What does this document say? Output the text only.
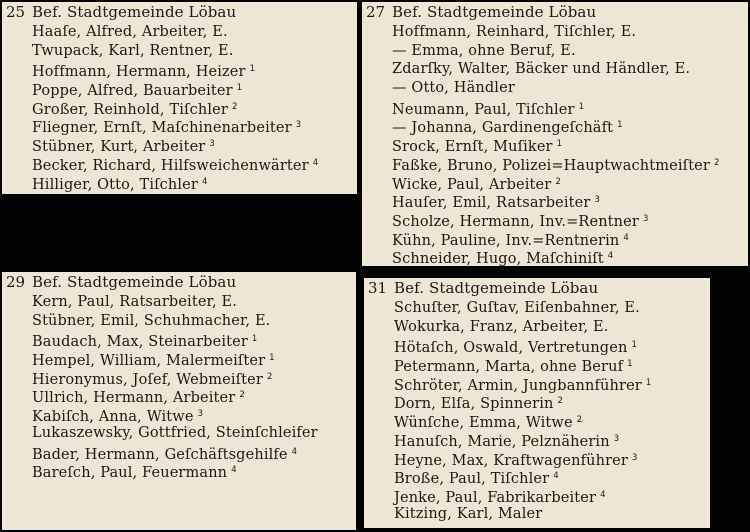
25 Bef. Stadtgemeinde Löbau
Haaſe, Alfred, Arbeiter, E.
Twupack, Karl, Rentner, E.
Hoffmann, Hermann, Heizer $^1$
Poppe, Alfred, Bauarbeiter $^1$
Großer, Reinhold, Tiſchler $^2$
Fliegner, Ernſt, Maſchinenarbeiter $^3$
Stübner, Kurt, Arbeiter $^3$
Becker, Richard, Hilfsweichenwärter $^4$
Hilliger, Otto, Tiſchler $^4$
27 Bef. Stadtgemeinde Löbau
Hoffmann, Reinhard, Tiſchler, E.
— Emma, ohne Beruf, E.
Zdarſky, Walter, Bäcker und Händler, E.
— Otto, Händler
Neumann, Paul, Tiſchler $^1$
— Johanna, Gardinengeſchäft $^1$
Srock, Ernſt, Muſiker $^1$
Faßke, Bruno, Polizei=Hauptwachtmeiſter $^2$
Wicke, Paul, Arbeiter $^2$
Hauſer, Emil, Ratsarbeiter $^3$
Scholze, Hermann, Inv.=Rentner $^3$
Kühn, Pauline, Inv.=Rentnerin $^4$
Schneider, Hugo, Maſchiniſt $^4$
29 Bef. Stadtgemeinde Löbau
Kern, Paul, Ratsarbeiter, E.
Stübner, Emil, Schuhmacher, E.
Baudach, Max, Steinarbeiter $^1$
Hempel, William, Malermeiſter $^1$
Hieronymus, Joſef, Webmeiſter $^2$
Ullrich, Hermann, Arbeiter $^2$
Kabiſch, Anna, Witwe $^3$
Lukaszewsky, Gottfried, Steinſchleifer
Bader, Hermann, Geſchäftsgehilfe $^4$
Bareſch, Paul, Feuermann $^4$
31 Bef. Stadtgemeinde Löbau
Schuſter, Guſtav, Eiſenbahner, E.
Wokurka, Franz, Arbeiter, E.
Hötaſch, Oswald, Vertretungen $^1$
Petermann, Marta, ohne Beruf $^1$
Schröter, Armin, Jungbannführer $^1$
Dorn, Elſa, Spinnerin $^2$
Wünſche, Emma, Witwe $^2$
Hanuſch, Marie, Pelznäherin $^3$
Heyne, Max, Kraftwagenführer $^3$
Broße, Paul, Tiſchler $^4$
Jenke, Paul, Fabrikarbeiter $^4$
Kitzing, Karl, Maler
